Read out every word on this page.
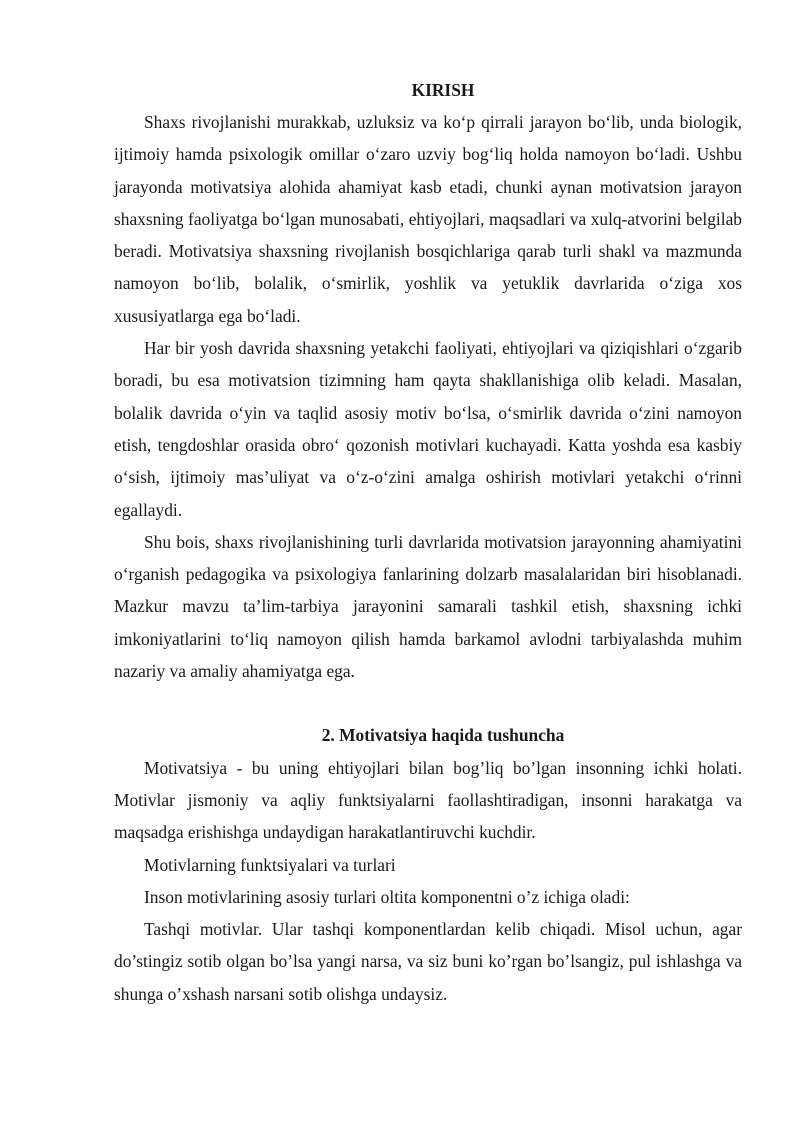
KIRISH

Shaxs rivojlanishi murakkab, uzluksiz va ko‘p qirrali jarayon bo‘lib, unda biologik, ijtimoiy hamda psixologik omillar o‘zaro uzviy bog‘liq holda namoyon bo‘ladi. Ushbu jarayonda motivatsiya alohida ahamiyat kasb etadi, chunki aynan motivatsion jarayon shaxsning faoliyatga bo‘lgan munosabati, ehtiyojlari, maqsadlari va xulq-atvorini belgilab beradi. Motivatsiya shaxsning rivojlanish bosqichlariga qarab turli shakl va mazmunda namoyon bo‘lib, bolalik, o‘smirlik, yoshlik va yetuklik davrlarida o‘ziga xos xususiyatlarga ega bo‘ladi.

Har bir yosh davrida shaxsning yetakchi faoliyati, ehtiyojlari va qiziqishlari o‘zgarib boradi, bu esa motivatsion tizimning ham qayta shakllanishiga olib keladi. Masalan, bolalik davrida o‘yin va taqlid asosiy motiv bo‘lsa, o‘smirlik davrida o‘zini namoyon etish, tengdoshlar orasida obro‘ qozonish motivlari kuchayadi. Katta yoshda esa kasbiy o‘sish, ijtimoiy mas’uliyat va o‘z-o‘zini amalga oshirish motivlari yetakchi o‘rinni egallaydi.

Shu bois, shaxs rivojlanishining turli davrlarida motivatsion jarayonning ahamiyatini o‘rganish pedagogika va psixologiya fanlarining dolzarb masalalaridan biri hisoblanadi. Mazkur mavzu ta’lim-tarbiya jarayonini samarali tashkil etish, shaxsning ichki imkoniyatlarini to‘liq namoyon qilish hamda barkamol avlodni tarbiyalashda muhim nazariy va amaliy ahamiyatga ega.

2. Motivatsiya haqida tushuncha

Motivatsiya - bu uning ehtiyojlari bilan bog’liq bo’lgan insonning ichki holati. Motivlar jismoniy va aqliy funktsiyalarni faollashtiradigan, insonni harakatga va maqsadga erishishga undaydigan harakatlantiruvchi kuchdir.

Motivlarning funktsiyalari va turlari

Inson motivlarining asosiy turlari oltita komponentni o’z ichiga oladi:

Tashqi motivlar. Ular tashqi komponentlardan kelib chiqadi. Misol uchun, agar do’stingiz sotib olgan bo’lsa yangi narsa, va siz buni ko’rgan bo’lsangiz, pul ishlashga va shunga o’xshash narsani sotib olishga undaysiz.
